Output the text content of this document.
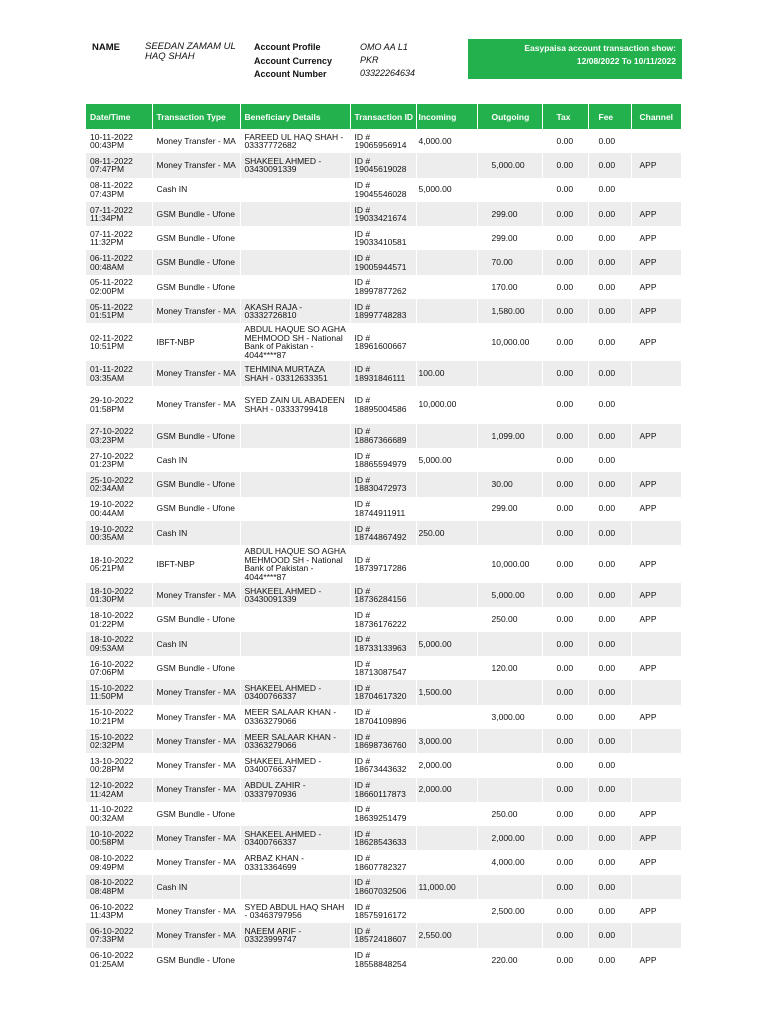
NAME	SEEDAN ZAMAM UL HAQ SHAH
Account Profile	OMO AA L1
Account Currency	PKR
Account Number	03322264634
Easypaisa account transaction show:
12/08/2022 To 10/11/2022
Date/Time	Transaction Type	Beneficiary Details	Transaction ID	Incoming	Outgoing	Tax	Fee	Channel
10-11-2022 00:43PM	Money Transfer - MA	FAREED UL HAQ SHAH - 03337772682	ID # 19065956914	4,000.00		0.00	0.00	
08-11-2022 07:47PM	Money Transfer - MA	SHAKEEL AHMED - 03430091339	ID # 19045619028		5,000.00	0.00	0.00	APP
08-11-2022 07:43PM	Cash IN		ID # 19045546028	5,000.00		0.00	0.00	
07-11-2022 11:34PM	GSM Bundle - Ufone		ID # 19033421674		299.00	0.00	0.00	APP
07-11-2022 11:32PM	GSM Bundle - Ufone		ID # 19033410581		299.00	0.00	0.00	APP
06-11-2022 00:48AM	GSM Bundle - Ufone		ID # 19005944571		70.00	0.00	0.00	APP
05-11-2022 02:00PM	GSM Bundle - Ufone		ID # 18997877262		170.00	0.00	0.00	APP
05-11-2022 01:51PM	Money Transfer - MA	AKASH RAJA - 03332726810	ID # 18997748283		1,580.00	0.00	0.00	APP
02-11-2022 10:51PM	IBFT-NBP	ABDUL HAQUE SO AGHA MEHMOOD SH - National Bank of Pakistan - 4044****87	ID # 18961600667		10,000.00	0.00	0.00	APP
01-11-2022 03:35AM	Money Transfer - MA	TEHMINA MURTAZA SHAH - 03312633351	ID # 18931846111	100.00		0.00	0.00	
29-10-2022 01:58PM	Money Transfer - MA	SYED ZAIN UL ABADEEN SHAH - 03333799418	ID # 18895004586	10,000.00		0.00	0.00	
27-10-2022 03:23PM	GSM Bundle - Ufone		ID # 18867366689		1,099.00	0.00	0.00	APP
27-10-2022 01:23PM	Cash IN		ID # 18865594979	5,000.00		0.00	0.00	
25-10-2022 02:34AM	GSM Bundle - Ufone		ID # 18830472973		30.00	0.00	0.00	APP
19-10-2022 00:44AM	GSM Bundle - Ufone		ID # 18744911911		299.00	0.00	0.00	APP
19-10-2022 00:35AM	Cash IN		ID # 18744867492	250.00		0.00	0.00	
18-10-2022 05:21PM	IBFT-NBP	ABDUL HAQUE SO AGHA MEHMOOD SH - National Bank of Pakistan - 4044****87	ID # 18739717286		10,000.00	0.00	0.00	APP
18-10-2022 01:30PM	Money Transfer - MA	SHAKEEL AHMED - 03430091339	ID # 18736284156		5,000.00	0.00	0.00	APP
18-10-2022 01:22PM	GSM Bundle - Ufone		ID # 18736176222		250.00	0.00	0.00	APP
18-10-2022 09:53AM	Cash IN		ID # 18733133963	5,000.00		0.00	0.00	
16-10-2022 07:06PM	GSM Bundle - Ufone		ID # 18713087547		120.00	0.00	0.00	APP
15-10-2022 11:50PM	Money Transfer - MA	SHAKEEL AHMED - 03400766337	ID # 18704617320	1,500.00		0.00	0.00	
15-10-2022 10:21PM	Money Transfer - MA	MEER SALAAR KHAN - 03363279066	ID # 18704109896		3,000.00	0.00	0.00	APP
15-10-2022 02:32PM	Money Transfer - MA	MEER SALAAR KHAN - 03363279066	ID # 18698736760	3,000.00		0.00	0.00	
13-10-2022 00:28PM	Money Transfer - MA	SHAKEEL AHMED - 03400766337	ID # 18673443632	2,000.00		0.00	0.00	
12-10-2022 11:42AM	Money Transfer - MA	ABDUL ZAHIR - 03337970936	ID # 18660117873	2,000.00		0.00	0.00	
11-10-2022 00:32AM	GSM Bundle - Ufone		ID # 18639251479		250.00	0.00	0.00	APP
10-10-2022 00:58PM	Money Transfer - MA	SHAKEEL AHMED - 03400766337	ID # 18628543633		2,000.00	0.00	0.00	APP
08-10-2022 09:49PM	Money Transfer - MA	ARBAZ KHAN - 03313364699	ID # 18607782327		4,000.00	0.00	0.00	APP
08-10-2022 08:48PM	Cash IN		ID # 18607032506	11,000.00		0.00	0.00	
06-10-2022 11:43PM	Money Transfer - MA	SYED ABDUL HAQ SHAH - 03463797956	ID # 18575916172		2,500.00	0.00	0.00	APP
06-10-2022 07:33PM	Money Transfer - MA	NAEEM ARIF - 03323999747	ID # 18572418607	2,550.00		0.00	0.00	
06-10-2022 01:25AM	GSM Bundle - Ufone		ID # 18558848254		220.00	0.00	0.00	APP
